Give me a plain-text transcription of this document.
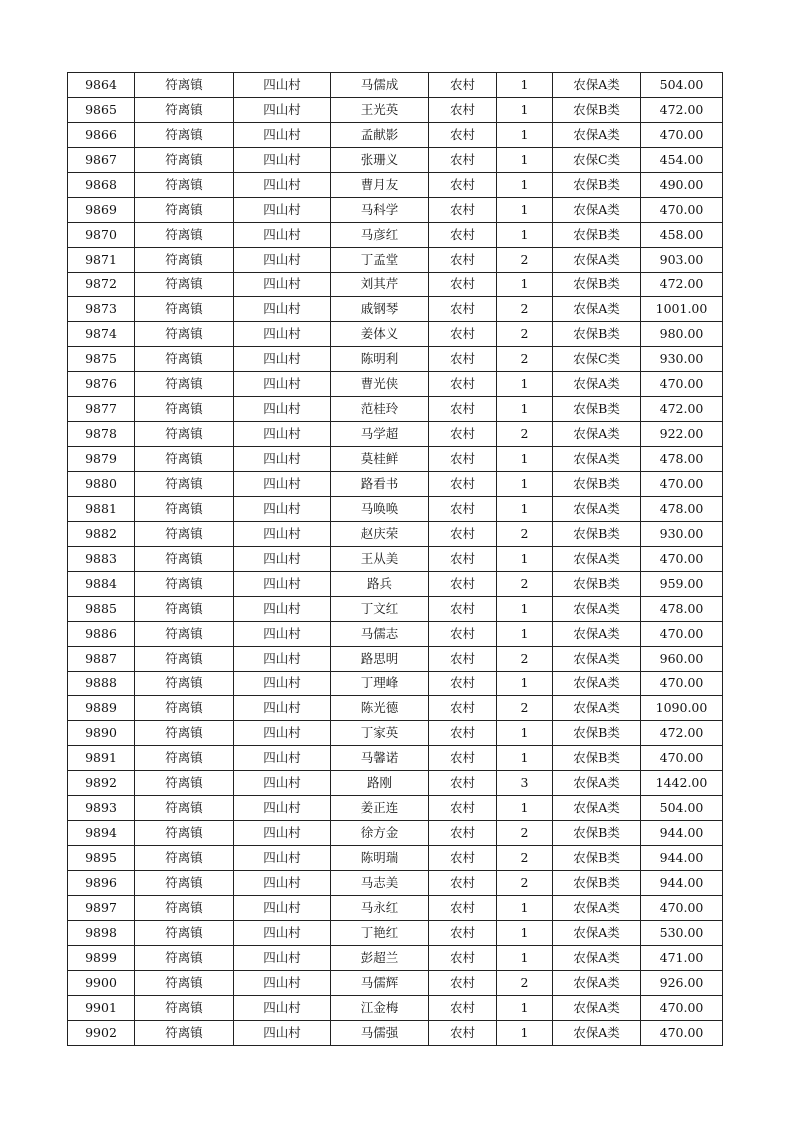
9864	符离镇	四山村	马儒成	农村	1	农保A类	504.00
9865	符离镇	四山村	王光英	农村	1	农保B类	472.00
9866	符离镇	四山村	孟献影	农村	1	农保A类	470.00
9867	符离镇	四山村	张珊义	农村	1	农保C类	454.00
9868	符离镇	四山村	曹月友	农村	1	农保B类	490.00
9869	符离镇	四山村	马科学	农村	1	农保A类	470.00
9870	符离镇	四山村	马彦红	农村	1	农保B类	458.00
9871	符离镇	四山村	丁孟堂	农村	2	农保A类	903.00
9872	符离镇	四山村	刘其芹	农村	1	农保B类	472.00
9873	符离镇	四山村	戚钢琴	农村	2	农保A类	1001.00
9874	符离镇	四山村	姜体义	农村	2	农保B类	980.00
9875	符离镇	四山村	陈明利	农村	2	农保C类	930.00
9876	符离镇	四山村	曹光侠	农村	1	农保A类	470.00
9877	符离镇	四山村	范桂玲	农村	1	农保B类	472.00
9878	符离镇	四山村	马学超	农村	2	农保A类	922.00
9879	符离镇	四山村	莫桂鲜	农村	1	农保A类	478.00
9880	符离镇	四山村	路看书	农村	1	农保B类	470.00
9881	符离镇	四山村	马唤唤	农村	1	农保A类	478.00
9882	符离镇	四山村	赵庆荣	农村	2	农保B类	930.00
9883	符离镇	四山村	王从美	农村	1	农保A类	470.00
9884	符离镇	四山村	路兵	农村	2	农保B类	959.00
9885	符离镇	四山村	丁文红	农村	1	农保A类	478.00
9886	符离镇	四山村	马儒志	农村	1	农保A类	470.00
9887	符离镇	四山村	路思明	农村	2	农保A类	960.00
9888	符离镇	四山村	丁理峰	农村	1	农保A类	470.00
9889	符离镇	四山村	陈光德	农村	2	农保A类	1090.00
9890	符离镇	四山村	丁家英	农村	1	农保B类	472.00
9891	符离镇	四山村	马馨诺	农村	1	农保B类	470.00
9892	符离镇	四山村	路刚	农村	3	农保A类	1442.00
9893	符离镇	四山村	姜正连	农村	1	农保A类	504.00
9894	符离镇	四山村	徐方金	农村	2	农保B类	944.00
9895	符离镇	四山村	陈明瑞	农村	2	农保B类	944.00
9896	符离镇	四山村	马志美	农村	2	农保B类	944.00
9897	符离镇	四山村	马永红	农村	1	农保A类	470.00
9898	符离镇	四山村	丁艳红	农村	1	农保A类	530.00
9899	符离镇	四山村	彭超兰	农村	1	农保A类	471.00
9900	符离镇	四山村	马儒辉	农村	2	农保A类	926.00
9901	符离镇	四山村	江金梅	农村	1	农保A类	470.00
9902	符离镇	四山村	马儒强	农村	1	农保A类	470.00
